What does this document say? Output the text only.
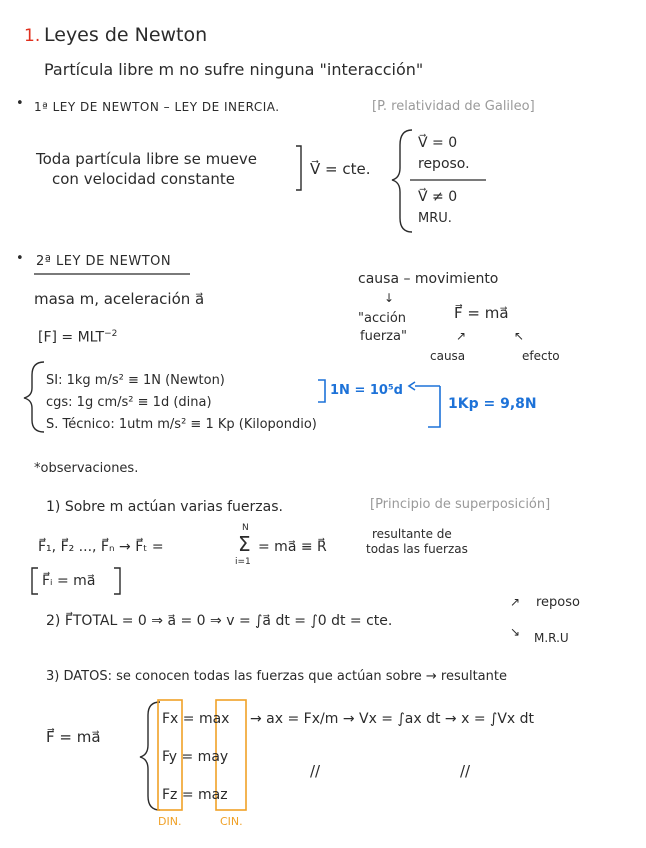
1. Leyes de Newton
Partícula libre m no sufre ninguna "interacción"
• 1ª LEY DE NEWTON – LEY DE INERCIA.	[P. relatividad de Galileo]
Toda partícula libre se mueve
con velocidad constante
V⃗ = cte.
V⃗ = 0
reposo.
V⃗ ≠ 0
MRU.
• 2ª LEY DE NEWTON
masa m, aceleración a⃗
$[F] = MLT^{-2}$
causa – movimiento
↓
"acción
fuerza"
F⃗ = ma⃗
↗	↖
causa	efecto
SI: 1kg m/s² ≡ 1N (Newton)
cgs: 1g cm/s² ≡ 1d (dina)
S. Técnico: 1utm m/s² ≡ 1 Kp (Kilopondio)
1N = 10⁵d
1Kp = 9,8N
*observaciones.
1) Sobre m actúan varias fuerzas.	[Principio de superposición]
F⃗₁, F⃗₂ ..., F⃗ₙ → F⃗ₜ =
N
Σ
i=1
= ma⃗ ≡ R⃗
resultante de
todas las fuerzas
F⃗ᵢ = ma⃗
2) F⃗TOTAL = 0 ⇒ a⃗ = 0 ⇒ v = ∫a⃗ dt = ∫0 dt = cte.
↗ reposo
↘ M.R.U
3) DATOS: se conocen todas las fuerzas que actúan sobre → resultante
F⃗ = ma⃗
Fx = max
Fy = may
Fz = maz
→ ax = Fx/m → Vx = ∫ax dt → x = ∫Vx dt
//	//
DIN.	CIN.
